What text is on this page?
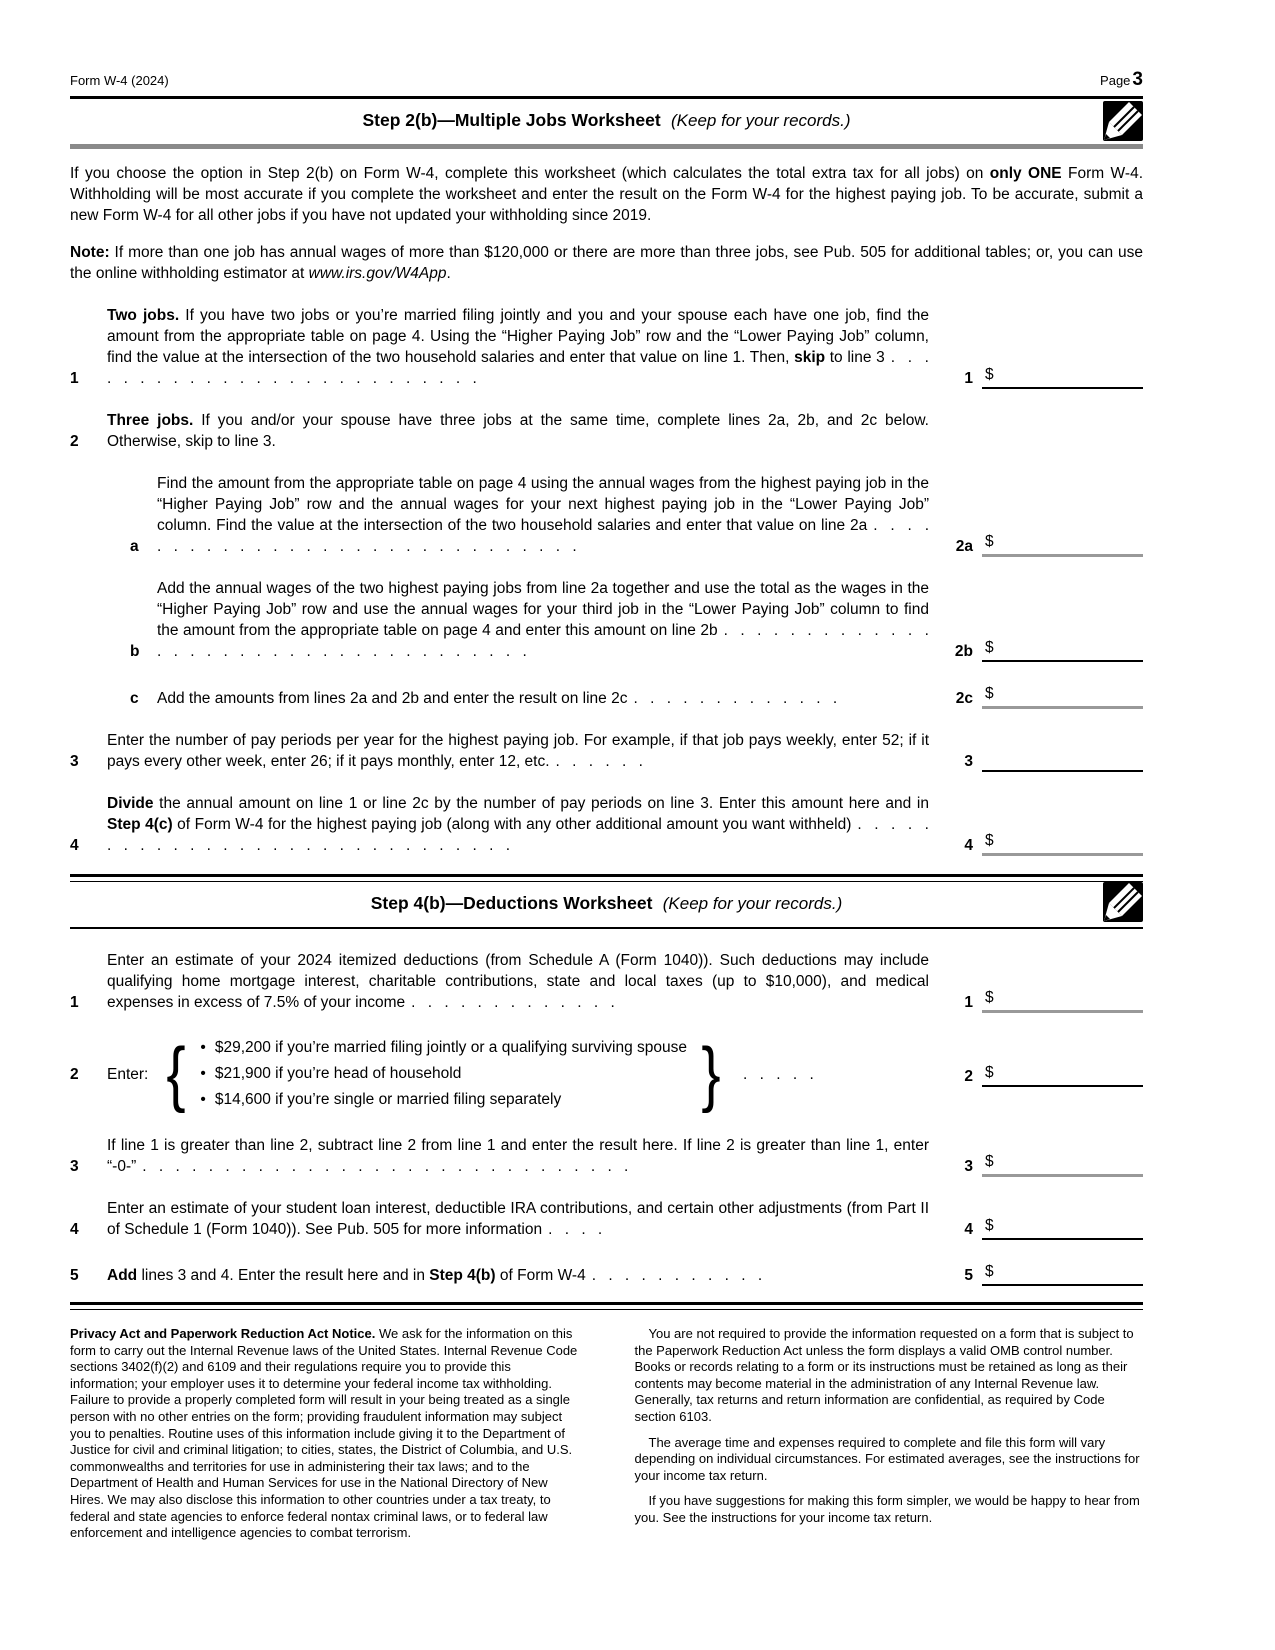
Form W-4 (2024)	Page 3
Step 2(b)—Multiple Jobs Worksheet (Keep for your records.)

If you choose the option in Step 2(b) on Form W-4, complete this worksheet (which calculates the total extra tax for all jobs) on only ONE Form W-4. Withholding will be most accurate if you complete the worksheet and enter the result on the Form W-4 for the highest paying job. To be accurate, submit a new Form W-4 for all other jobs if you have not updated your withholding since 2019.

Note: If more than one job has annual wages of more than $120,000 or there are more than three jobs, see Pub. 505 for additional tables; or, you can use the online withholding estimator at www.irs.gov/W4App.

1
Two jobs. If you have two jobs or you’re married filing jointly and you and your spouse each have one job, find the amount from the appropriate table on page 4. Using the “Higher Paying Job” row and the “Lower Paying Job” column, find the value at the intersection of the two household salaries and enter that value on line 1. Then, skip to line 3 . . . . . . . . . . . . . . . . . . . . . . . . . .	1 $
2
Three jobs. If you and/or your spouse have three jobs at the same time, complete lines 2a, 2b, and 2c below. Otherwise, skip to line 3.
a
Find the amount from the appropriate table on page 4 using the annual wages from the highest paying job in the “Higher Paying Job” row and the annual wages for your next highest paying job in the “Lower Paying Job” column. Find the value at the intersection of the two household salaries and enter that value on line 2a . . . . . . . . . . . . . . . . . . . . . . . . . . . . . .	2a $
b
Add the annual wages of the two highest paying jobs from line 2a together and use the total as the wages in the “Higher Paying Job” row and use the annual wages for your third job in the “Lower Paying Job” column to find the amount from the appropriate table on page 4 and enter this amount on line 2b . . . . . . . . . . . . . . . . . . . . . . . . . . . . . . . . . . . .	2b $
c	Add the amounts from lines 2a and 2b and enter the result on line 2c . . . . . . . . . . . . .	2c $
3
Enter the number of pay periods per year for the highest paying job. For example, if that job pays weekly, enter 52; if it pays every other week, enter 26; if it pays monthly, enter 12, etc. . . . . . .	3
4
Divide the annual amount on line 1 or line 2c by the number of pay periods on line 3. Enter this amount here and in Step 4(c) of Form W-4 for the highest paying job (along with any other additional amount you want withheld) . . . . . . . . . . . . . . . . . . . . . . . . . . . . . .	4 $
Step 4(b)—Deductions Worksheet (Keep for your records.)
1
Enter an estimate of your 2024 itemized deductions (from Schedule A (Form 1040)). Such deductions may include qualifying home mortgage interest, charitable contributions, state and local taxes (up to $10,000), and medical expenses in excess of 7.5% of your income . . . . . . . . . . . . .	1 $
2	Enter: { • $29,200 if you’re married filing jointly or a qualifying surviving spouse
• $21,900 if you’re head of household
• $14,600 if you’re single or married filing separately	}	. . . . .	2 $
3
If line 1 is greater than line 2, subtract line 2 from line 1 and enter the result here. If line 2 is greater than line 1, enter “-0-” . . . . . . . . . . . . . . . . . . . . . . . . . . . . . .	3 $
4
Enter an estimate of your student loan interest, deductible IRA contributions, and certain other adjustments (from Part II of Schedule 1 (Form 1040)). See Pub. 505 for more information . . . .	4 $
5	Add lines 3 and 4. Enter the result here and in Step 4(b) of Form W-4 . . . . . . . . . . .	5 $
Privacy Act and Paperwork Reduction Act Notice. We ask for the information on this form to carry out the Internal Revenue laws of the United States. Internal Revenue Code sections 3402(f)(2) and 6109 and their regulations require you to provide this information; your employer uses it to determine your federal income tax withholding. Failure to provide a properly completed form will result in your being treated as a single person with no other entries on the form; providing fraudulent information may subject you to penalties. Routine uses of this information include giving it to the Department of Justice for civil and criminal litigation; to cities, states, the District of Columbia, and U.S. commonwealths and territories for use in administering their tax laws; and to the Department of Health and Human Services for use in the National Directory of New Hires. We may also disclose this information to other countries under a tax treaty, to federal and state agencies to enforce federal nontax criminal laws, or to federal law enforcement and intelligence agencies to combat terrorism.

You are not required to provide the information requested on a form that is subject to the Paperwork Reduction Act unless the form displays a valid OMB control number. Books or records relating to a form or its instructions must be retained as long as their contents may become material in the administration of any Internal Revenue law. Generally, tax returns and return information are confidential, as required by Code section 6103.

The average time and expenses required to complete and file this form will vary depending on individual circumstances. For estimated averages, see the instructions for your income tax return.

If you have suggestions for making this form simpler, we would be happy to hear from you. See the instructions for your income tax return.
